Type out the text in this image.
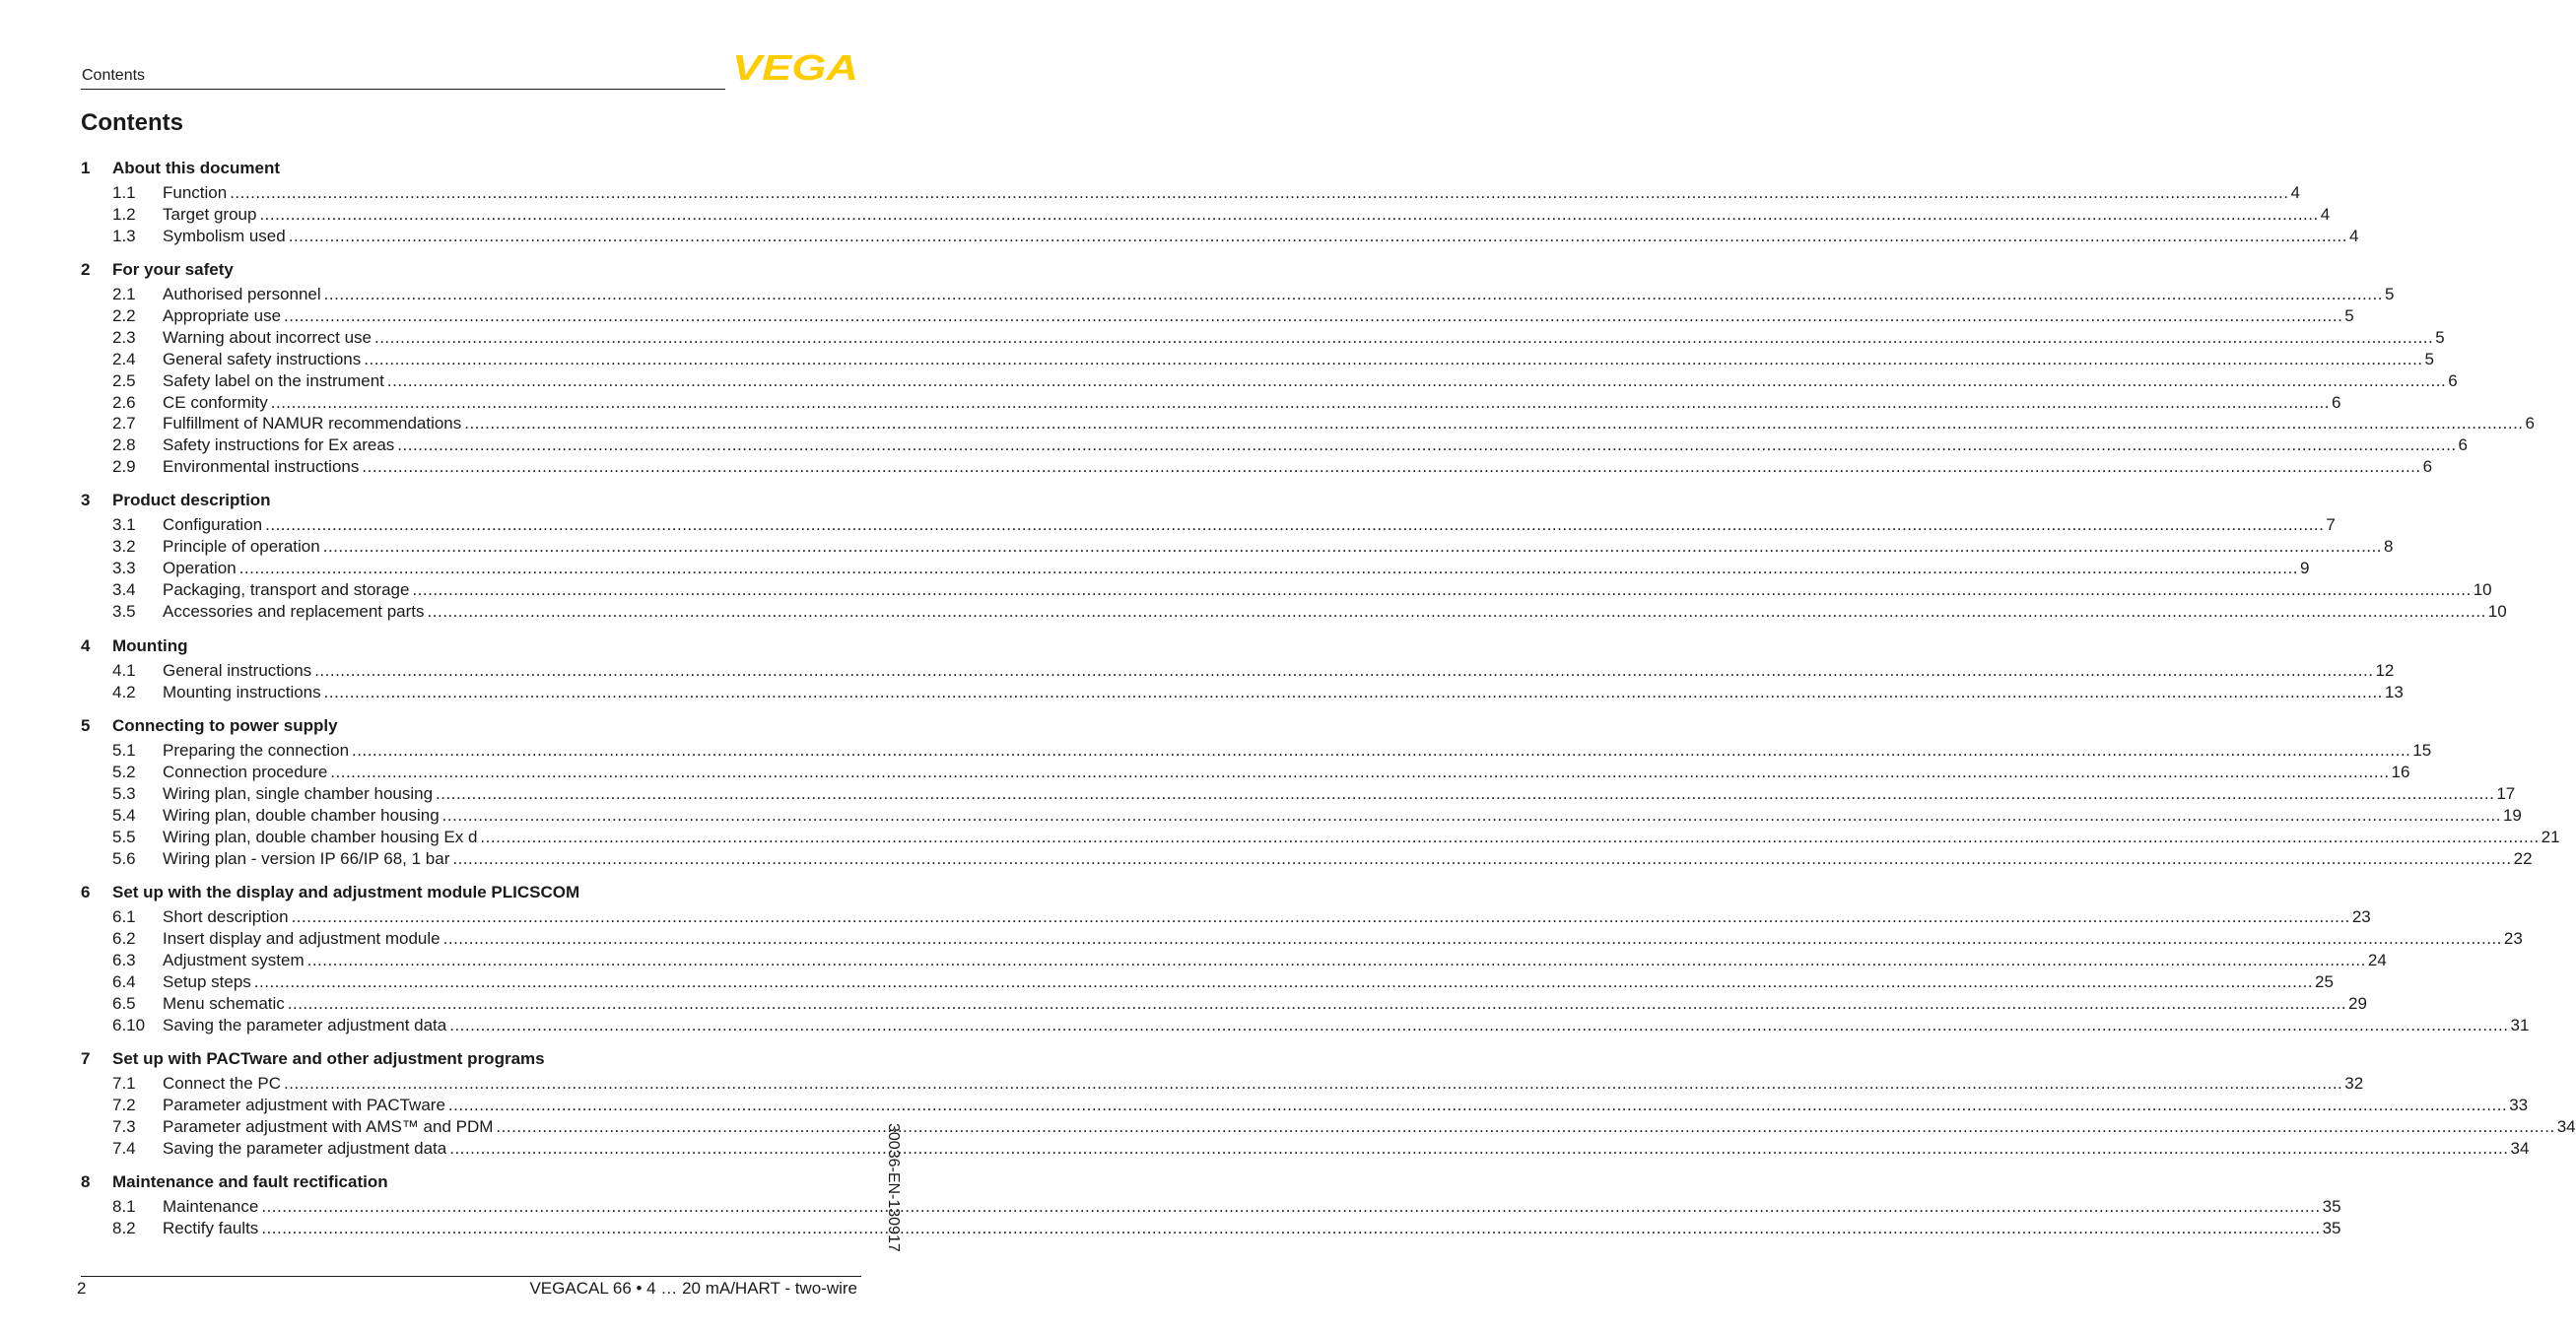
Contents	VEGA
Contents
1 About this document
1.1 Function ................................................................................................................................................................................................................................................................................................................................................................................................................ 4
1.2 Target group ................................................................................................................................................................................................................................................................................................................................................................................................................ 4
1.3 Symbolism used ................................................................................................................................................................................................................................................................................................................................................................................................................ 4
2 For your safety
2.1 Authorised personnel ................................................................................................................................................................................................................................................................................................................................................................................................................ 5
2.2 Appropriate use ................................................................................................................................................................................................................................................................................................................................................................................................................ 5
2.3 Warning about incorrect use ................................................................................................................................................................................................................................................................................................................................................................................................................ 5
2.4 General safety instructions ................................................................................................................................................................................................................................................................................................................................................................................................................ 5
2.5 Safety label on the instrument ................................................................................................................................................................................................................................................................................................................................................................................................................ 6
2.6 CE conformity ................................................................................................................................................................................................................................................................................................................................................................................................................ 6
2.7 Fulfillment of NAMUR recommendations ................................................................................................................................................................................................................................................................................................................................................................................................................ 6
2.8 Safety instructions for Ex areas ................................................................................................................................................................................................................................................................................................................................................................................................................ 6
2.9 Environmental instructions ................................................................................................................................................................................................................................................................................................................................................................................................................ 6
3 Product description
3.1 Configuration ................................................................................................................................................................................................................................................................................................................................................................................................................ 7
3.2 Principle of operation ................................................................................................................................................................................................................................................................................................................................................................................................................ 8
3.3 Operation ................................................................................................................................................................................................................................................................................................................................................................................................................ 9
3.4 Packaging, transport and storage ................................................................................................................................................................................................................................................................................................................................................................................................................ 10
3.5 Accessories and replacement parts ................................................................................................................................................................................................................................................................................................................................................................................................................ 10
4 Mounting
4.1 General instructions ................................................................................................................................................................................................................................................................................................................................................................................................................ 12
4.2 Mounting instructions ................................................................................................................................................................................................................................................................................................................................................................................................................ 13
5 Connecting to power supply
5.1 Preparing the connection ................................................................................................................................................................................................................................................................................................................................................................................................................ 15
5.2 Connection procedure ................................................................................................................................................................................................................................................................................................................................................................................................................ 16
5.3 Wiring plan, single chamber housing ................................................................................................................................................................................................................................................................................................................................................................................................................ 17
5.4 Wiring plan, double chamber housing ................................................................................................................................................................................................................................................................................................................................................................................................................ 19
5.5 Wiring plan, double chamber housing Ex d ................................................................................................................................................................................................................................................................................................................................................................................................................ 21
5.6 Wiring plan - version IP 66/IP 68, 1 bar ................................................................................................................................................................................................................................................................................................................................................................................................................ 22
6 Set up with the display and adjustment module PLICSCOM
6.1 Short description ................................................................................................................................................................................................................................................................................................................................................................................................................ 23
6.2 Insert display and adjustment module ................................................................................................................................................................................................................................................................................................................................................................................................................ 23
6.3 Adjustment system ................................................................................................................................................................................................................................................................................................................................................................................................................ 24
6.4 Setup steps ................................................................................................................................................................................................................................................................................................................................................................................................................ 25
6.5 Menu schematic ................................................................................................................................................................................................................................................................................................................................................................................................................ 29
6.10 Saving the parameter adjustment data ................................................................................................................................................................................................................................................................................................................................................................................................................ 31
7 Set up with PACTware and other adjustment programs
7.1 Connect the PC ................................................................................................................................................................................................................................................................................................................................................................................................................ 32
7.2 Parameter adjustment with PACTware ................................................................................................................................................................................................................................................................................................................................................................................................................ 33
7.3 Parameter adjustment with AMS™ and PDM ................................................................................................................................................................................................................................................................................................................................................................................................................ 34
7.4 Saving the parameter adjustment data ................................................................................................................................................................................................................................................................................................................................................................................................................ 34
8 Maintenance and fault rectification
8.1 Maintenance ................................................................................................................................................................................................................................................................................................................................................................................................................ 35
8.2 Rectify faults ................................................................................................................................................................................................................................................................................................................................................................................................................ 35
30036-EN-130917
2	VEGACAL 66 • 4 … 20 mA/HART - two-wire
